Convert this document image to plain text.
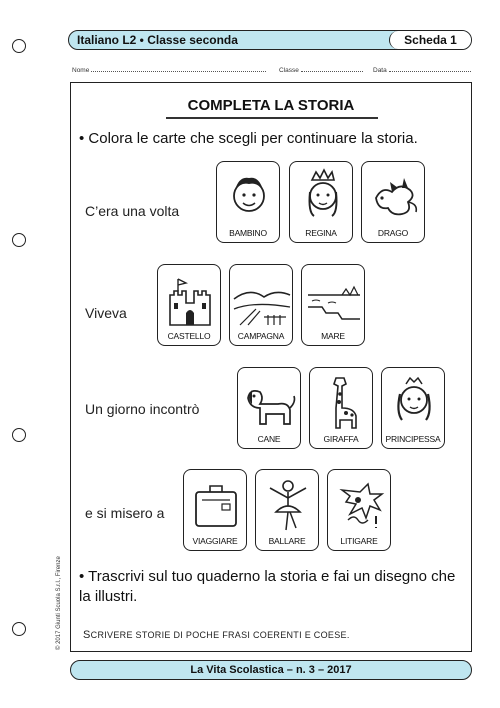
Italiano L2 • Classe seconda	Scheda 1
Nome	Classe	Data
© 2017 Giunti Scuola S.r.l., Firenze
COMPLETA LA STORIA
• Colora le carte che scegli per continuare la storia.
C’era una volta
BAMBINO	REGINA	DRAGO
Viveva
CASTELLO	CAMPAGNA	MARE
Un giorno incontrò
CANE	GIRAFFA	PRINCIPESSA
e si misero a
VIAGGIARE	BALLARE	LITIGARE
• Trascrivi sul tuo quaderno la storia e fai un disegno che la illustri.
SCRIVERE STORIE DI POCHE FRASI COERENTI E COESE.
La Vita Scolastica – n. 3 – 2017
